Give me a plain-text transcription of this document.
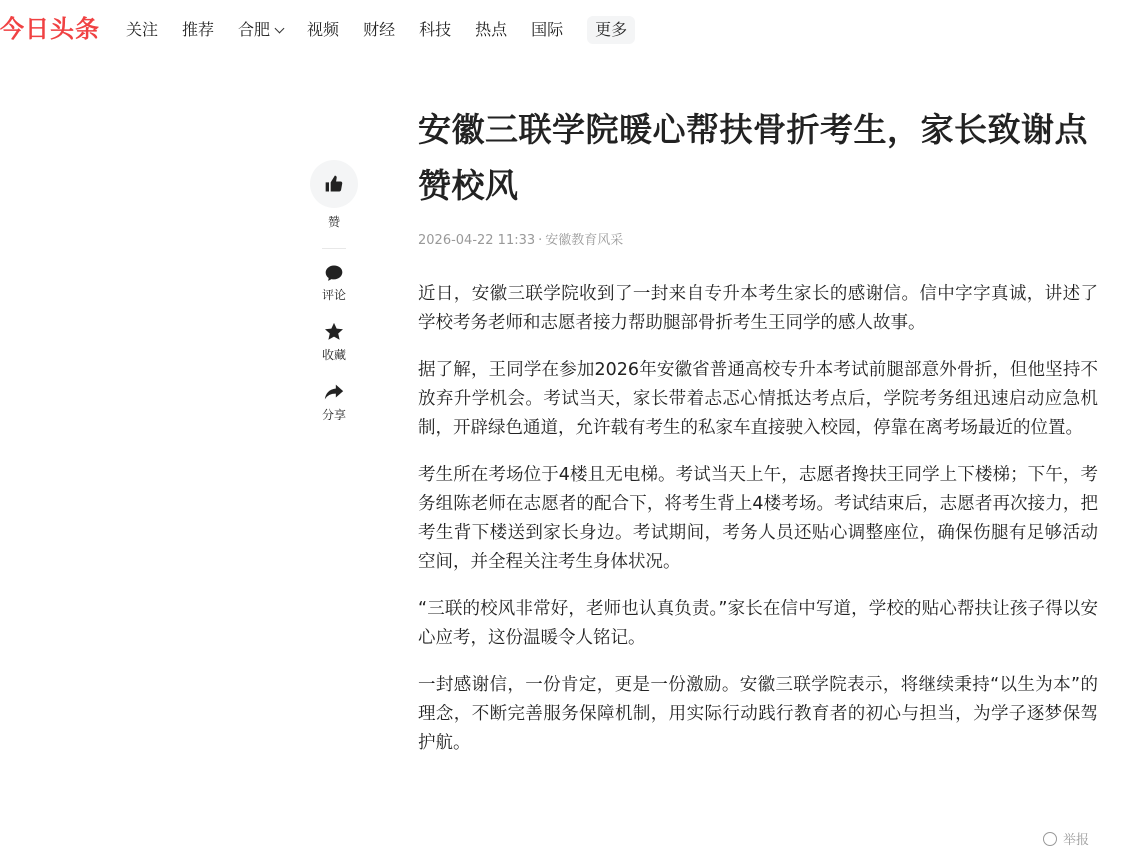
今日头条 关注 推荐 合肥 视频 财经 科技 热点 国际	更多
赞
评论
收藏
分享
安徽三联学院暖心帮扶骨折考生，家长致谢点赞校风
2026-04-22 11:33 · 安徽教育风采

近日，安徽三联学院收到了一封来自专升本考生家长的感谢信。信中字字真诚，讲述了学校考务老师和志愿者接力帮助腿部骨折考生王同学的感人故事。

据了解，王同学在参加2026年安徽省普通高校专升本考试前腿部意外骨折，但他坚持不放弃升学机会。考试当天，家长带着忐忑心情抵达考点后，学院考务组迅速启动应急机制，开辟绿色通道，允许载有考生的私家车直接驶入校园，停靠在离考场最近的位置。

考生所在考场位于4楼且无电梯。考试当天上午，志愿者搀扶王同学上下楼梯；下午，考务组陈老师在志愿者的配合下，将考生背上4楼考场。考试结束后，志愿者再次接力，把考生背下楼送到家长身边。考试期间，考务人员还贴心调整座位，确保伤腿有足够活动空间，并全程关注考生身体状况。

“三联的校风非常好，老师也认真负责。”家长在信中写道，学校的贴心帮扶让孩子得以安心应考，这份温暖令人铭记。

一封感谢信，一份肯定，更是一份激励。安徽三联学院表示，将继续秉持“以生为本”的理念，不断完善服务保障机制，用实际行动践行教育者的初心与担当，为学子逐梦保驾护航。

举报
